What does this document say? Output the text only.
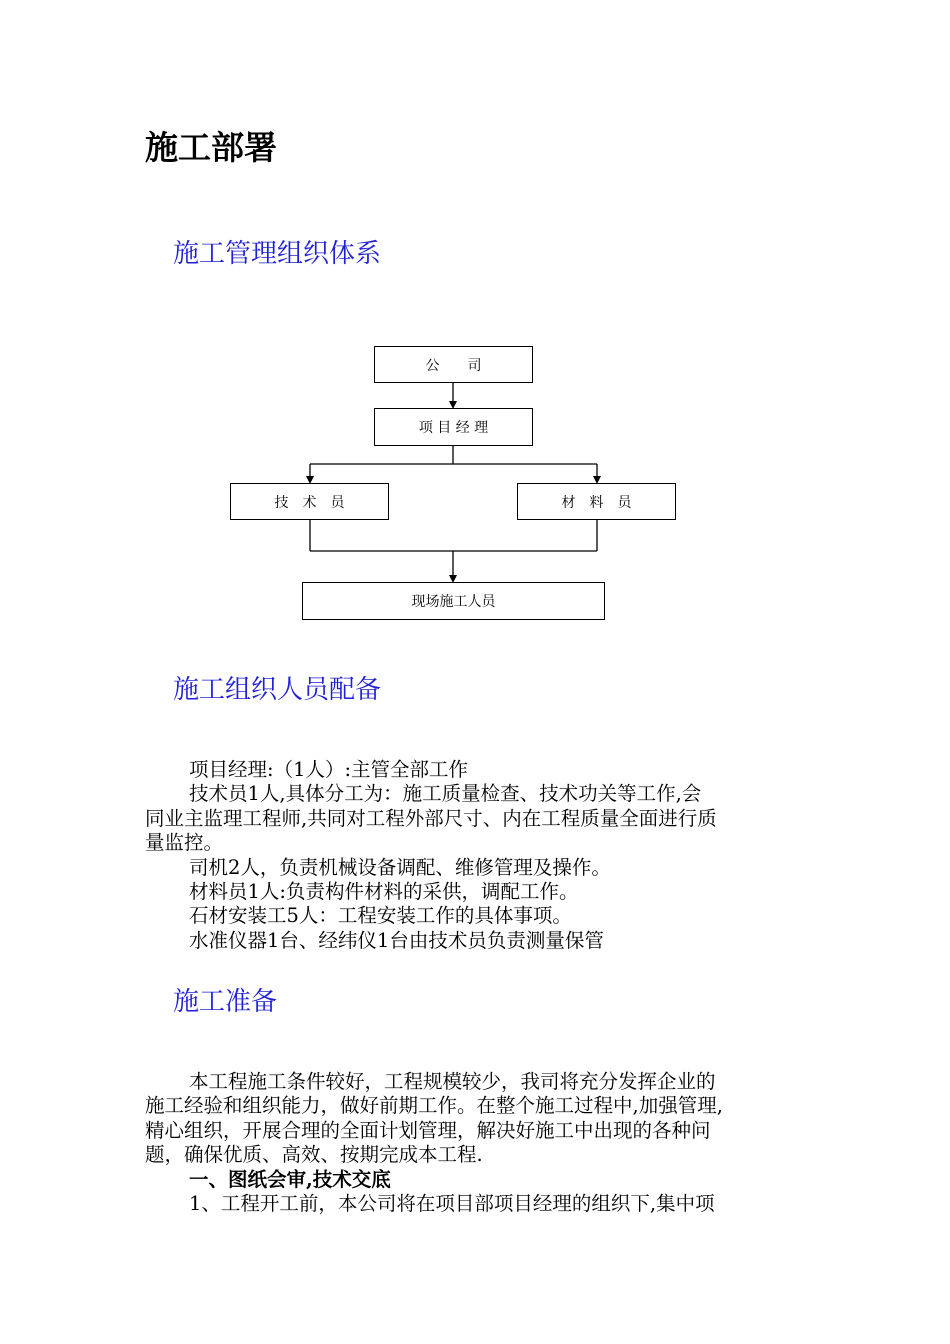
施工部署
施工管理组织体系
公　　司
项 目 经 理
技　术　员	材　料　员
现场施工人员
施工组织人员配备
项目经理:（1人）:主管全部工作
技术员1人,具体分工为：施工质量检查、技术功关等工作,会
同业主监理工程师,共同对工程外部尺寸、内在工程质量全面进行质
量监控。
司机2人，负责机械设备调配、维修管理及操作。
材料员1人:负责构件材料的采供，调配工作。
石材安装工5人：工程安装工作的具体事项。
水准仪器1台、经纬仪1台由技术员负责测量保管
施工准备
本工程施工条件较好，工程规模较少，我司将充分发挥企业的
施工经验和组织能力，做好前期工作。在整个施工过程中,加强管理,
精心组织，开展合理的全面计划管理，解决好施工中出现的各种问
题，确保优质、高效、按期完成本工程.
一、图纸会审,技术交底
1、工程开工前，本公司将在项目部项目经理的组织下,集中项
